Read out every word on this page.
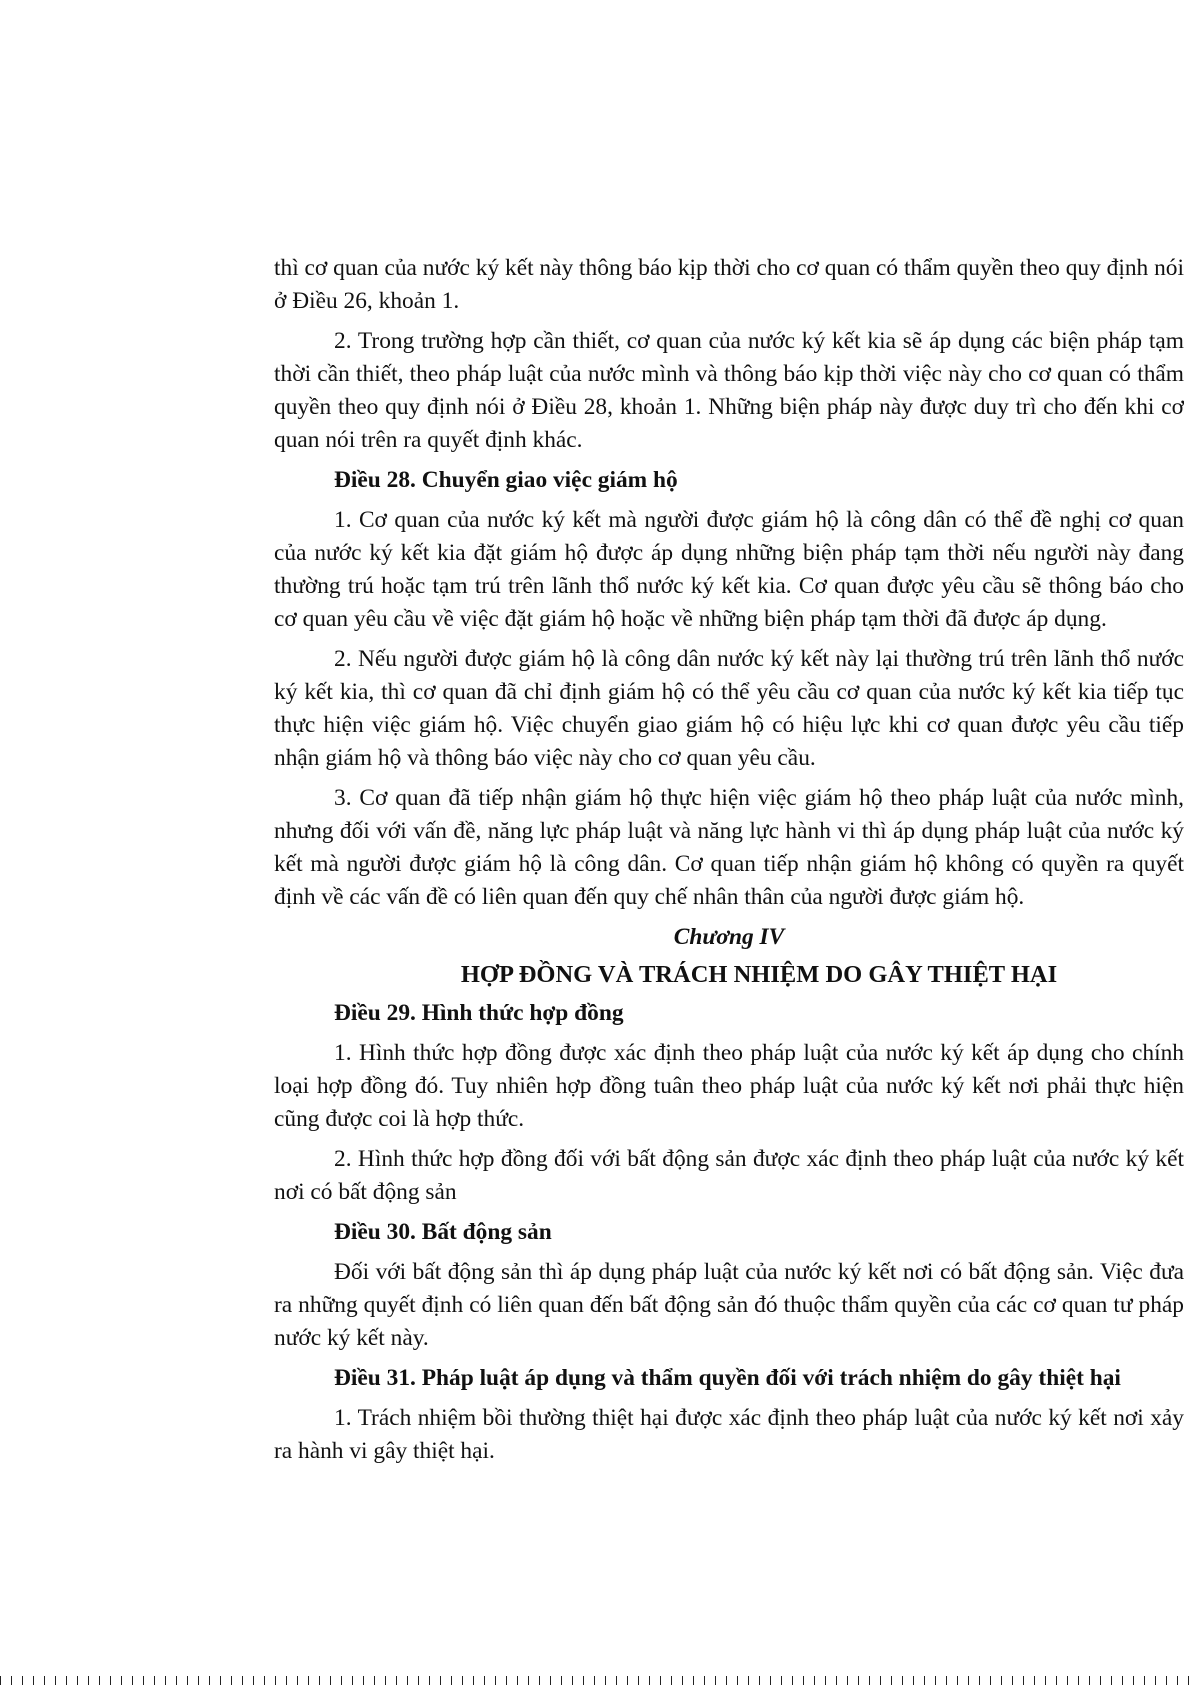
thì cơ quan của nước ký kết này thông báo kịp thời cho cơ quan có thẩm quyền theo quy định nói ở Điều 26, khoản 1.

2. Trong trường hợp cần thiết, cơ quan của nước ký kết kia sẽ áp dụng các biện pháp tạm thời cần thiết, theo pháp luật của nước mình và thông báo kịp thời việc này cho cơ quan có thẩm quyền theo quy định nói ở Điều 28, khoản 1. Những biện pháp này được duy trì cho đến khi cơ quan nói trên ra quyết định khác.

Điều 28. Chuyển giao việc giám hộ

1. Cơ quan của nước ký kết mà người được giám hộ là công dân có thể đề nghị cơ quan của nước ký kết kia đặt giám hộ được áp dụng những biện pháp tạm thời nếu người này đang thường trú hoặc tạm trú trên lãnh thổ nước ký kết kia. Cơ quan được yêu cầu sẽ thông báo cho cơ quan yêu cầu về việc đặt giám hộ hoặc về những biện pháp tạm thời đã được áp dụng.

2. Nếu người được giám hộ là công dân nước ký kết này lại thường trú trên lãnh thổ nước ký kết kia, thì cơ quan đã chỉ định giám hộ có thể yêu cầu cơ quan của nước ký kết kia tiếp tục thực hiện việc giám hộ. Việc chuyển giao giám hộ có hiệu lực khi cơ quan được yêu cầu tiếp nhận giám hộ và thông báo việc này cho cơ quan yêu cầu.

3. Cơ quan đã tiếp nhận giám hộ thực hiện việc giám hộ theo pháp luật của nước mình, nhưng đối với vấn đề, năng lực pháp luật và năng lực hành vi thì áp dụng pháp luật của nước ký kết mà người được giám hộ là công dân. Cơ quan tiếp nhận giám hộ không có quyền ra quyết định về các vấn đề có liên quan đến quy chế nhân thân của người được giám hộ.

Chương IV

HỢP ĐỒNG VÀ TRÁCH NHIỆM DO GÂY THIỆT HẠI

Điều 29. Hình thức hợp đồng

1. Hình thức hợp đồng được xác định theo pháp luật của nước ký kết áp dụng cho chính loại hợp đồng đó. Tuy nhiên hợp đồng tuân theo pháp luật của nước ký kết nơi phải thực hiện cũng được coi là hợp thức.

2. Hình thức hợp đồng đối với bất động sản được xác định theo pháp luật của nước ký kết nơi có bất động sản

Điều 30. Bất động sản

Đối với bất động sản thì áp dụng pháp luật của nước ký kết nơi có bất động sản. Việc đưa ra những quyết định có liên quan đến bất động sản đó thuộc thẩm quyền của các cơ quan tư pháp nước ký kết này.

Điều 31. Pháp luật áp dụng và thẩm quyền đối với trách nhiệm do gây thiệt hại

1. Trách nhiệm bồi thường thiệt hại được xác định theo pháp luật của nước ký kết nơi xảy ra hành vi gây thiệt hại.
